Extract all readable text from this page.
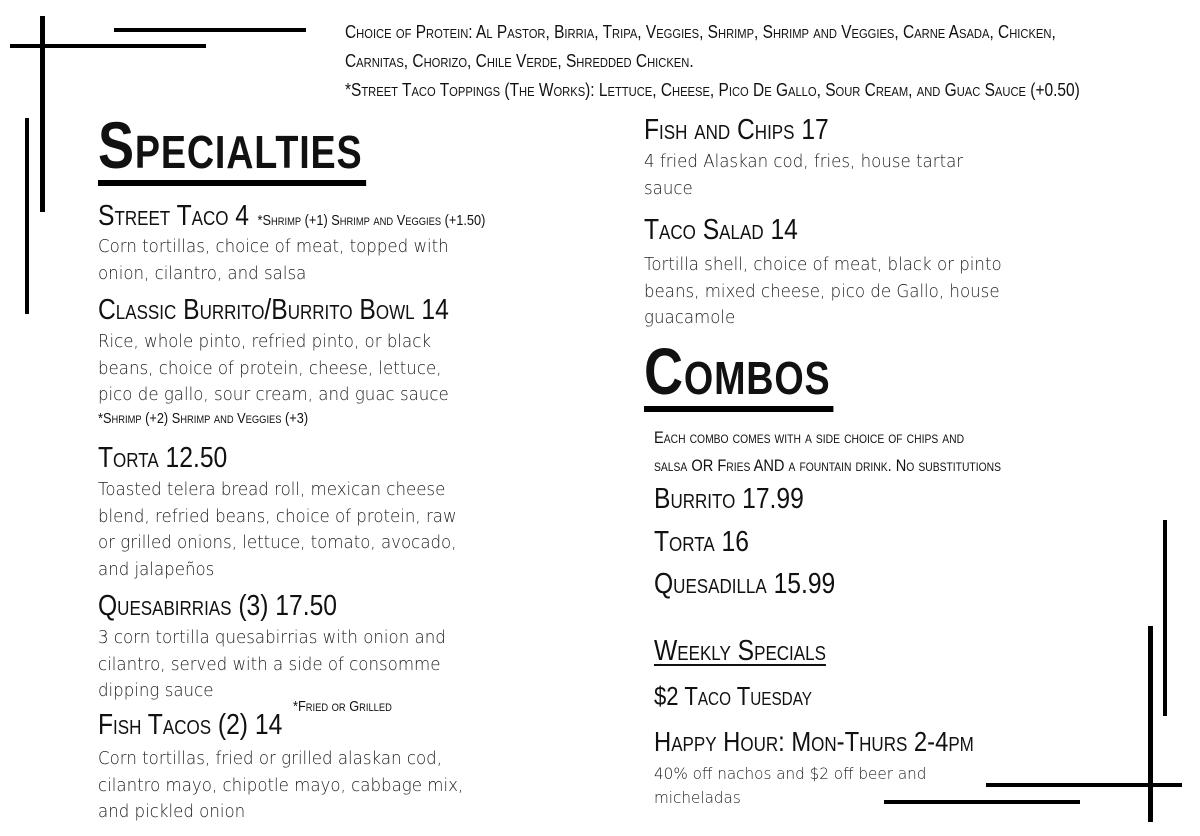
Choice of Protein: Al Pastor, Birria, Tripa, Veggies, Shrimp, Shrimp and Veggies, Carne Asada, Chicken,
Carnitas, Chorizo, Chile Verde, Shredded Chicken.
*Street Taco Toppings (The Works): Lettuce, Cheese, Pico De Gallo, Sour Cream, and Guac Sauce (+0.50)
Specialties
Street Taco 4 *Shrimp (+1) Shrimp and Veggies (+1.50)
Corn tortillas, choice of meat, topped with onion, cilantro, and salsa
Classic Burrito/Burrito Bowl 14
Rice, whole pinto, refried pinto, or black beans, choice of protein, cheese, lettuce, pico de gallo, sour cream, and guac sauce
*Shrimp (+2) Shrimp and Veggies (+3)
Torta 12.50
Toasted telera bread roll, mexican cheese blend, refried beans, choice of protein, raw or grilled onions, lettuce, tomato, avocado, and jalapeños
Quesabirrias (3) 17.50
3 corn tortilla quesabirrias with onion and cilantro, served with a side of consomme dipping sauce
Fish Tacos (2) 14
*Fried or Grilled
Corn tortillas, fried or grilled alaskan cod, cilantro mayo, chipotle mayo, cabbage mix, and pickled onion
Fish and Chips 17
4 fried Alaskan cod, fries, house tartar sauce
Taco Salad 14
Tortilla shell, choice of meat, black or pinto beans, mixed cheese, pico de Gallo, house guacamole
Combos
Each combo comes with a side choice of chips and
salsa OR Fries AND a fountain drink. No substitutions
Burrito 17.99
Torta 16
Quesadilla 15.99
Weekly Specials
$2 Taco Tuesday
Happy Hour: Mon-Thurs 2-4pm
40% off nachos and $2 off beer and micheladas
